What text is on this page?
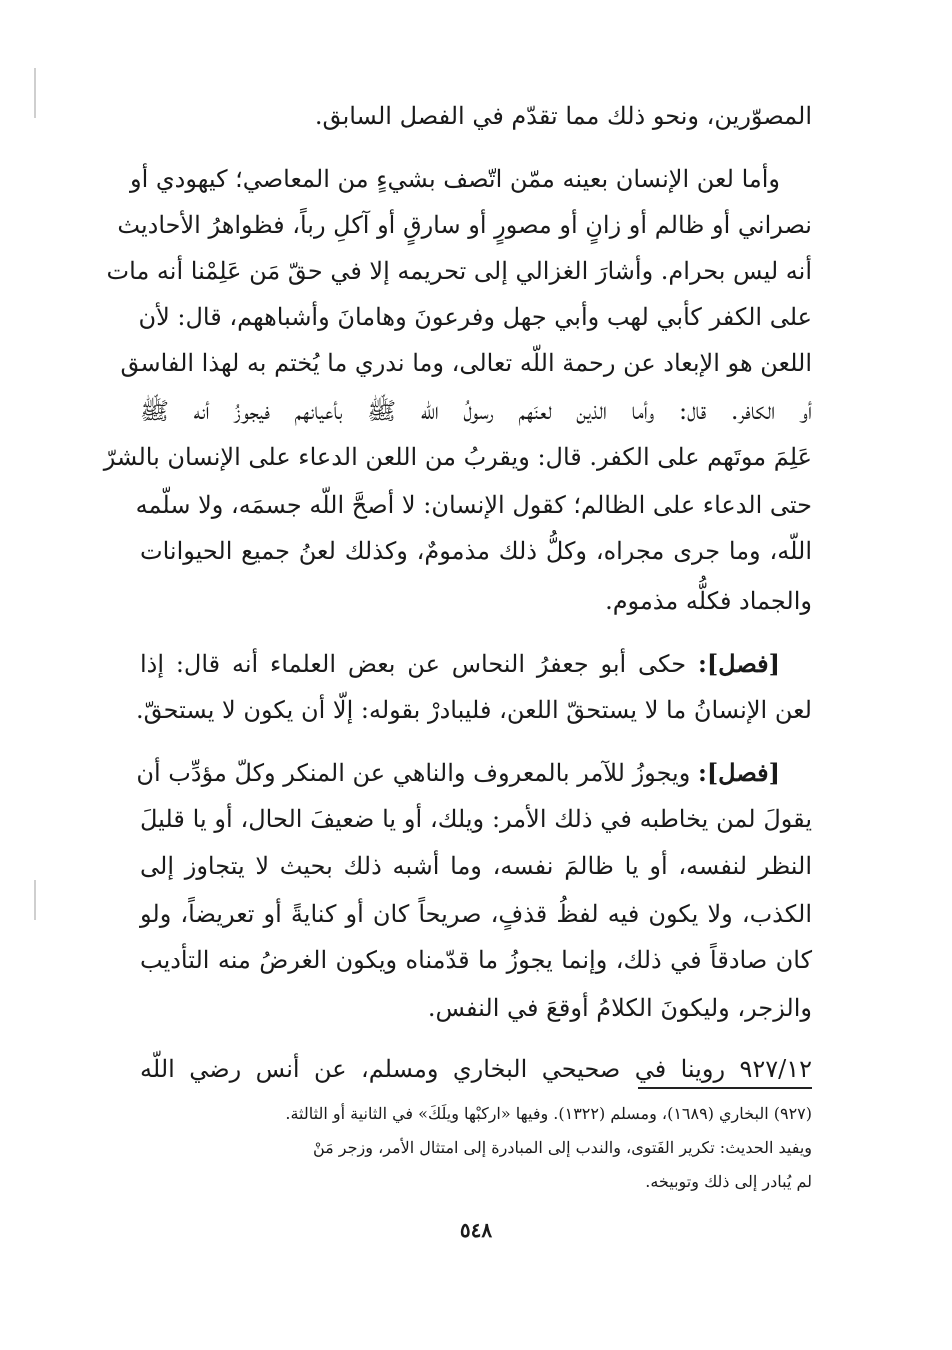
المصوّرين، ونحو ذلك مما تقدّم في الفصل السابق.
وأما لعن الإنسان بعينه ممّن اتّصف بشيءٍ من المعاصي؛ كيهودي أو
نصراني أو ظالم أو زانٍ أو مصورٍ أو سارقٍ أو آكلِ رباً، فظواهرُ الأحاديث
أنه ليس بحرام. وأشارَ الغزالي إلى تحريمه إلا في حقّ مَن عَلِمْنا أنه مات
على الكفر كأبي لهب وأبي جهل وفرعونَ وهامانَ وأشباههم، قال: لأن
اللعن هو الإبعاد عن رحمة اللّه تعالى، وما ندري ما يُختم به لهذا الفاسق
أو الكافر. قال: وأما الذين لعنَهم رسولُ اللّه ﷺ بأعيانهم فيجوزُ أنه ﷺ
عَلِمَ موتَهم على الكفر. قال: ويقربُ من اللعن الدعاء على الإنسان بالشرّ
حتى الدعاء على الظالم؛ كقول الإنسان: لا أصحَّ اللّه جسمَه، ولا سلّمه
اللّه، وما جرى مجراه، وكلُّ ذلك مذمومٌ، وكذلك لعنُ جميع الحيوانات
والجماد فكلُّه مذموم.
[فصل]: حكى أبو جعفرُ النحاس عن بعض العلماء أنه قال: إذا
لعن الإنسانُ ما لا يستحقّ اللعن، فليبادرْ بقوله: إلّا أن يكون لا يستحقّ.
[فصل]: ويجوزُ للآمر بالمعروف والناهي عن المنكر وكلّ مؤدِّب أن
يقولَ لمن يخاطبه في ذلك الأمر: ويلك، أو يا ضعيفَ الحال، أو يا قليلَ
النظر لنفسه، أو يا ظالمَ نفسه، وما أشبه ذلك بحيث لا يتجاوز إلى
الكذب، ولا يكون فيه لفظُ قذفٍ، صريحاً كان أو كنايةً أو تعريضاً، ولو
كان صادقاً في ذلك، وإنما يجوزُ ما قدّمناه ويكون الغرضُ منه التأديب
والزجر، وليكونَ الكلامُ أوقعَ في النفس.
٩٢٧/١٢ روينا في صحيحي البخاري ومسلم، عن أنس رضي اللّه
(٩٢٧) البخاري (١٦٨٩)، ومسلم (١٣٢٢). وفيها «اركبْها ويلَكَ» في الثانية أو الثالثة.
ويفيد الحديث: تكرير الفَتوى، والندب إلى المبادرة إلى امتثال الأمر، وزجر مَنْ
لم يُبادر إلى ذلك وتوبيخه.
٥٤٨
